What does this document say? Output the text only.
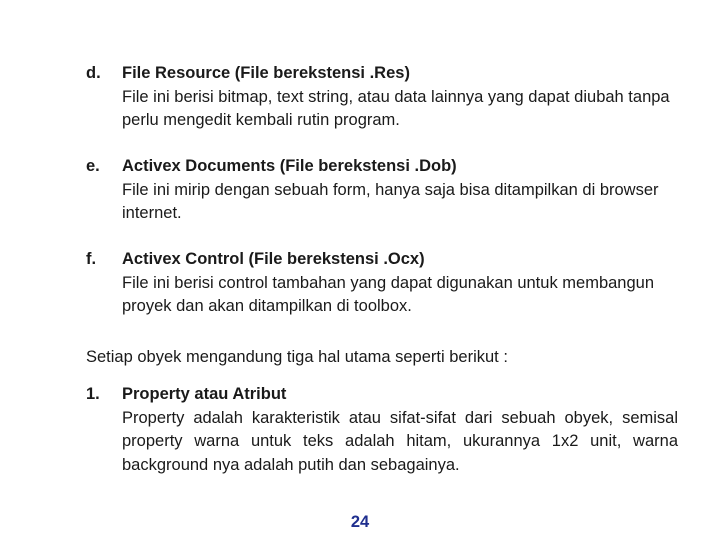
d. File Resource (File berekstensi .Res)
File ini berisi bitmap, text string, atau data lainnya yang dapat diubah tanpa perlu mengedit kembali rutin program.
e. Activex Documents (File berekstensi .Dob)
File ini mirip dengan sebuah form, hanya saja bisa ditampilkan di browser internet.
f. Activex Control (File berekstensi .Ocx)
File ini berisi control tambahan yang dapat digunakan untuk membangun proyek dan akan ditampilkan di toolbox.
Setiap obyek mengandung tiga hal utama seperti berikut :
1. Property atau Atribut
Property adalah karakteristik atau sifat-sifat dari sebuah obyek, semisal property warna untuk teks adalah hitam, ukurannya 1x2 unit, warna background nya adalah putih dan sebagainya.
24
